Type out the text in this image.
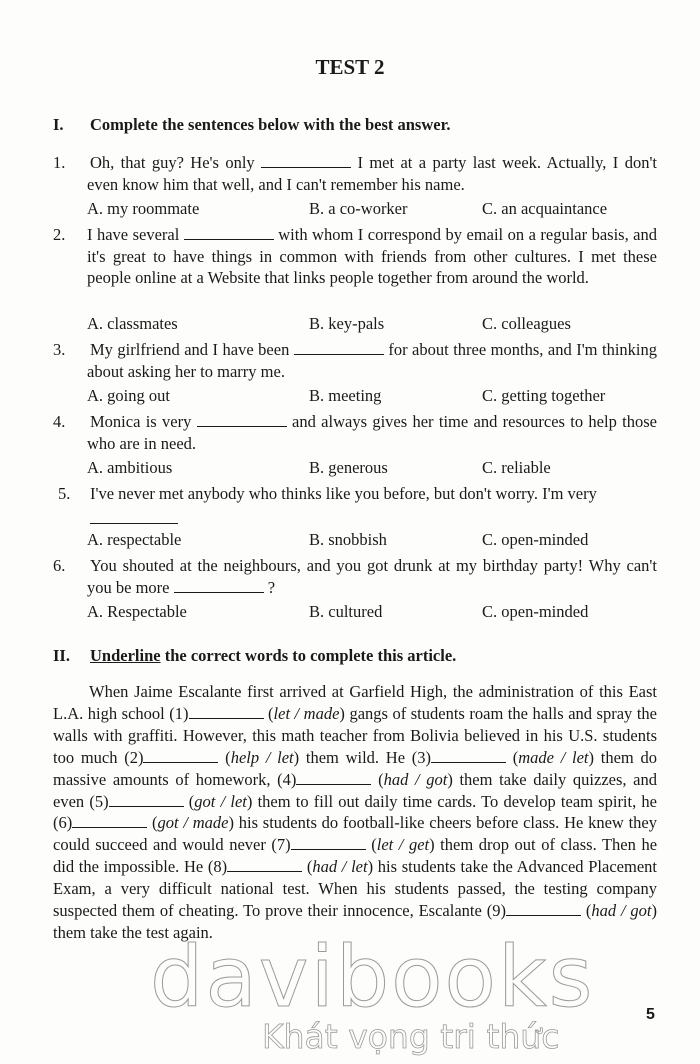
TEST 2
I. Complete the sentences below with the best answer.
1. Oh, that guy? He's only	I met at a party last week. Actually, I don't even know him that well, and I can't remember his name.
A. my roommate	B. a co-worker	C. an acquaintance
2. I have several	with whom I correspond by email on a regular basis, and it's great to have things in common with friends from other cultures. I met these people online at a Website that links people together from around the world.
A. classmates	B. key-pals	C. colleagues
3. My girlfriend and I have been	for about three months, and I'm thinking about asking her to marry me.
A. going out	B. meeting	C. getting together
4. Monica is very	and always gives her time and resources to help those who are in need.
A. ambitious	B. generous	C. reliable
5. I've never met anybody who thinks like you before, but don't worry. I'm very
A. respectable	B. snobbish	C. open-minded
6. You shouted at the neighbours, and you got drunk at my birthday party! Why can't you be more	?
A. Respectable	B. cultured	C. open-minded
II. Underline the correct words to complete this article.
When Jaime Escalante first arrived at Garfield High, the administration of this East L.A. high school (1)	(let / made) gangs of students roam the halls and spray the walls with graffiti. However, this math teacher from Bolivia believed in his U.S. students too much (2)	(help / let) them wild. He (3)	(made / let) them do massive amounts of homework, (4)	(had / got) them take daily quizzes, and even (5)	(got / let) them to fill out daily time cards. To develop team spirit, he (6)	(got / made) his students do football-like cheers before class. He knew they could succeed and would never (7)	(let / get) them drop out of class. Then he did the impossible. He (8)	(had / let) his students take the Advanced Placement Exam, a very difficult national test. When his students passed, the testing company suspected them of cheating. To prove their innocence, Escalante (9)	(had / got) them take the test again.
davibooks
Khát vọng tri thức
5
